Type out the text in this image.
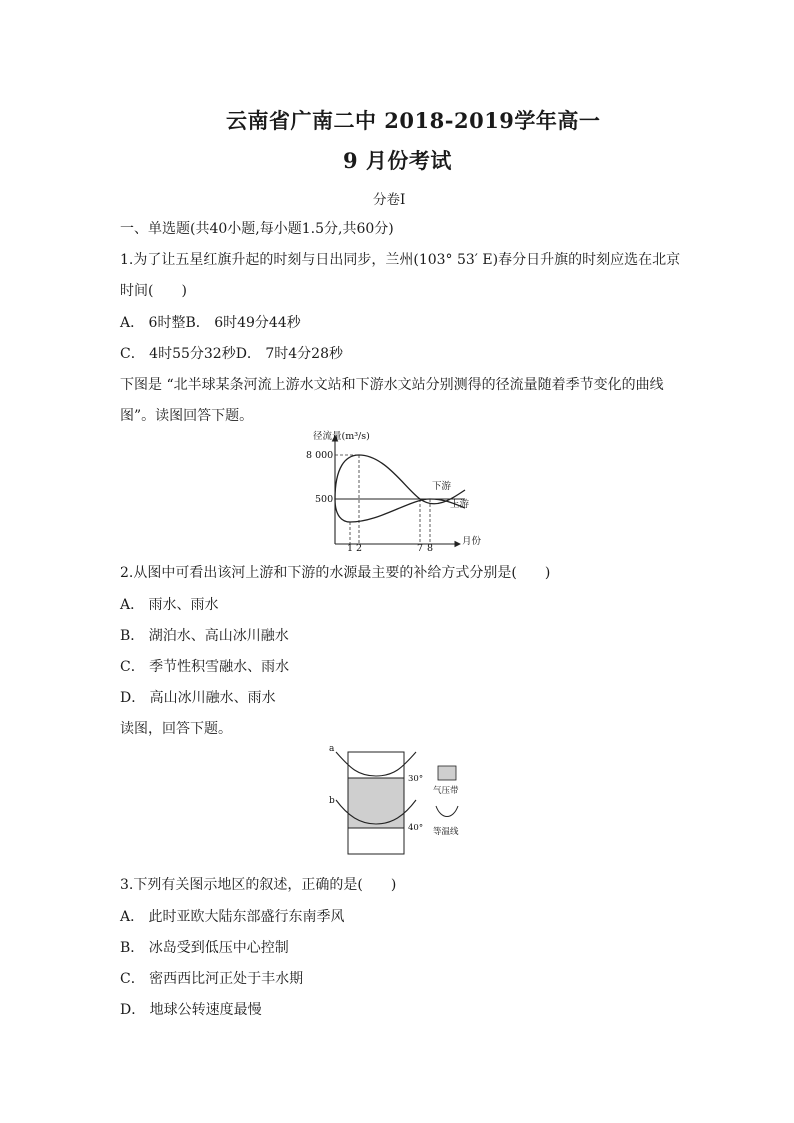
云南省广南二中 2018-2019学年高一
9 月份考试
分卷I
一、单选题(共40小题,每小题1.5分,共60分)
1.为了让五星红旗升起的时刻与日出同步，兰州(103° 53′ E)春分日升旗的时刻应选在北京
时间(　　)
A． 6时整B． 6时49分44秒
C． 4时55分32秒D． 7时4分28秒
下图是 “北半球某条河流上游水文站和下游水文站分别测得的径流量随着季节变化的曲线
图”。读图回答下题。
径流量(m³/s)
8 000
500
1 2	7 8
月份
下游
上游
2.从图中可看出该河上游和下游的水源最主要的补给方式分别是(　　)
A． 雨水、雨水
B． 湖泊水、高山冰川融水
C． 季节性积雪融水、雨水
D． 高山冰川融水、雨水
读图，回答下题。
a
b
30°
40°
气压带
等温线
3.下列有关图示地区的叙述，正确的是(　　)
A． 此时亚欧大陆东部盛行东南季风
B． 冰岛受到低压中心控制
C． 密西西比河正处于丰水期
D． 地球公转速度最慢
